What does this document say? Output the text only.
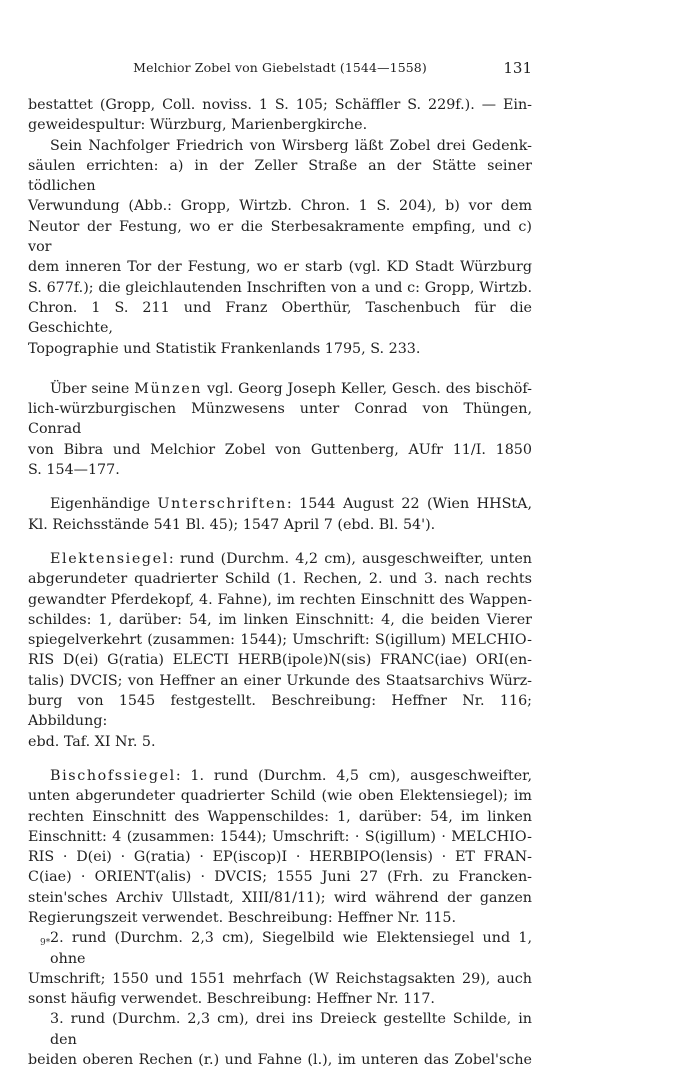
Melchior Zobel von Giebelstadt (1544—1558)	131

bestattet (Gropp, Coll. noviss. 1 S. 105; Schäffler S. 229f.). — Ein-
geweidespultur: Würzburg, Marienbergkirche.

Sein Nachfolger Friedrich von Wirsberg läßt Zobel drei Gedenk-
säulen errichten: a) in der Zeller Straße an der Stätte seiner tödlichen
Verwundung (Abb.: Gropp, Wirtzb. Chron. 1 S. 204), b) vor dem
Neutor der Festung, wo er die Sterbesakramente empfing, und c) vor
dem inneren Tor der Festung, wo er starb (vgl. KD Stadt Würzburg
S. 677f.); die gleichlautenden Inschriften von a und c: Gropp, Wirtzb.
Chron. 1 S. 211 und Franz Oberthür, Taschenbuch für die Geschichte,
Topographie und Statistik Frankenlands 1795, S. 233.

Über seine Münzen vgl. Georg Joseph Keller, Gesch. des bischöf-
lich-würzburgischen Münzwesens unter Conrad von Thüngen, Conrad
von Bibra und Melchior Zobel von Guttenberg, AUfr 11/I. 1850
S. 154—177.

Eigenhändige Unterschriften: 1544 August 22 (Wien HHStA,
Kl. Reichsstände 541 Bl. 45); 1547 April 7 (ebd. Bl. 54').

Elektensiegel: rund (Durchm. 4,2 cm), ausgeschweifter, unten
abgerundeter quadrierter Schild (1. Rechen, 2. und 3. nach rechts
gewandter Pferdekopf, 4. Fahne), im rechten Einschnitt des Wappen-
schildes: 1, darüber: 54, im linken Einschnitt: 4, die beiden Vierer
spiegelverkehrt (zusammen: 1544); Umschrift: S(igillum) MELCHIO-
RIS D(ei) G(ratia) ELECTI HERB(ipole)N(sis) FRANC(iae) ORI(en-
talis) DVCIS; von Heffner an einer Urkunde des Staatsarchivs Würz-
burg von 1545 festgestellt. Beschreibung: Heffner Nr. 116; Abbildung:
ebd. Taf. XI Nr. 5.

Bischofssiegel: 1. rund (Durchm. 4,5 cm), ausgeschweifter,
unten abgerundeter quadrierter Schild (wie oben Elektensiegel); im
rechten Einschnitt des Wappenschildes: 1, darüber: 54, im linken
Einschnitt: 4 (zusammen: 1544); Umschrift: · S(igillum) · MELCHIO-
RIS · D(ei) · G(ratia) · EP(iscop)I · HERBIPO(lensis) · ET FRAN-
C(iae) · ORIENT(alis) · DVCIS; 1555 Juni 27 (Frh. zu Francken-
stein'sches Archiv Ullstadt, XIII/81/11); wird während der ganzen
Regierungszeit verwendet. Beschreibung: Heffner Nr. 115.

2. rund (Durchm. 2,3 cm), Siegelbild wie Elektensiegel und 1, ohne
Umschrift; 1550 und 1551 mehrfach (W Reichstagsakten 29), auch
sonst häufig verwendet. Beschreibung: Heffner Nr. 117.

3. rund (Durchm. 2,3 cm), drei ins Dreieck gestellte Schilde, in den
beiden oberen Rechen (r.) und Fahne (l.), im unteren das Zobel'sche

9*
